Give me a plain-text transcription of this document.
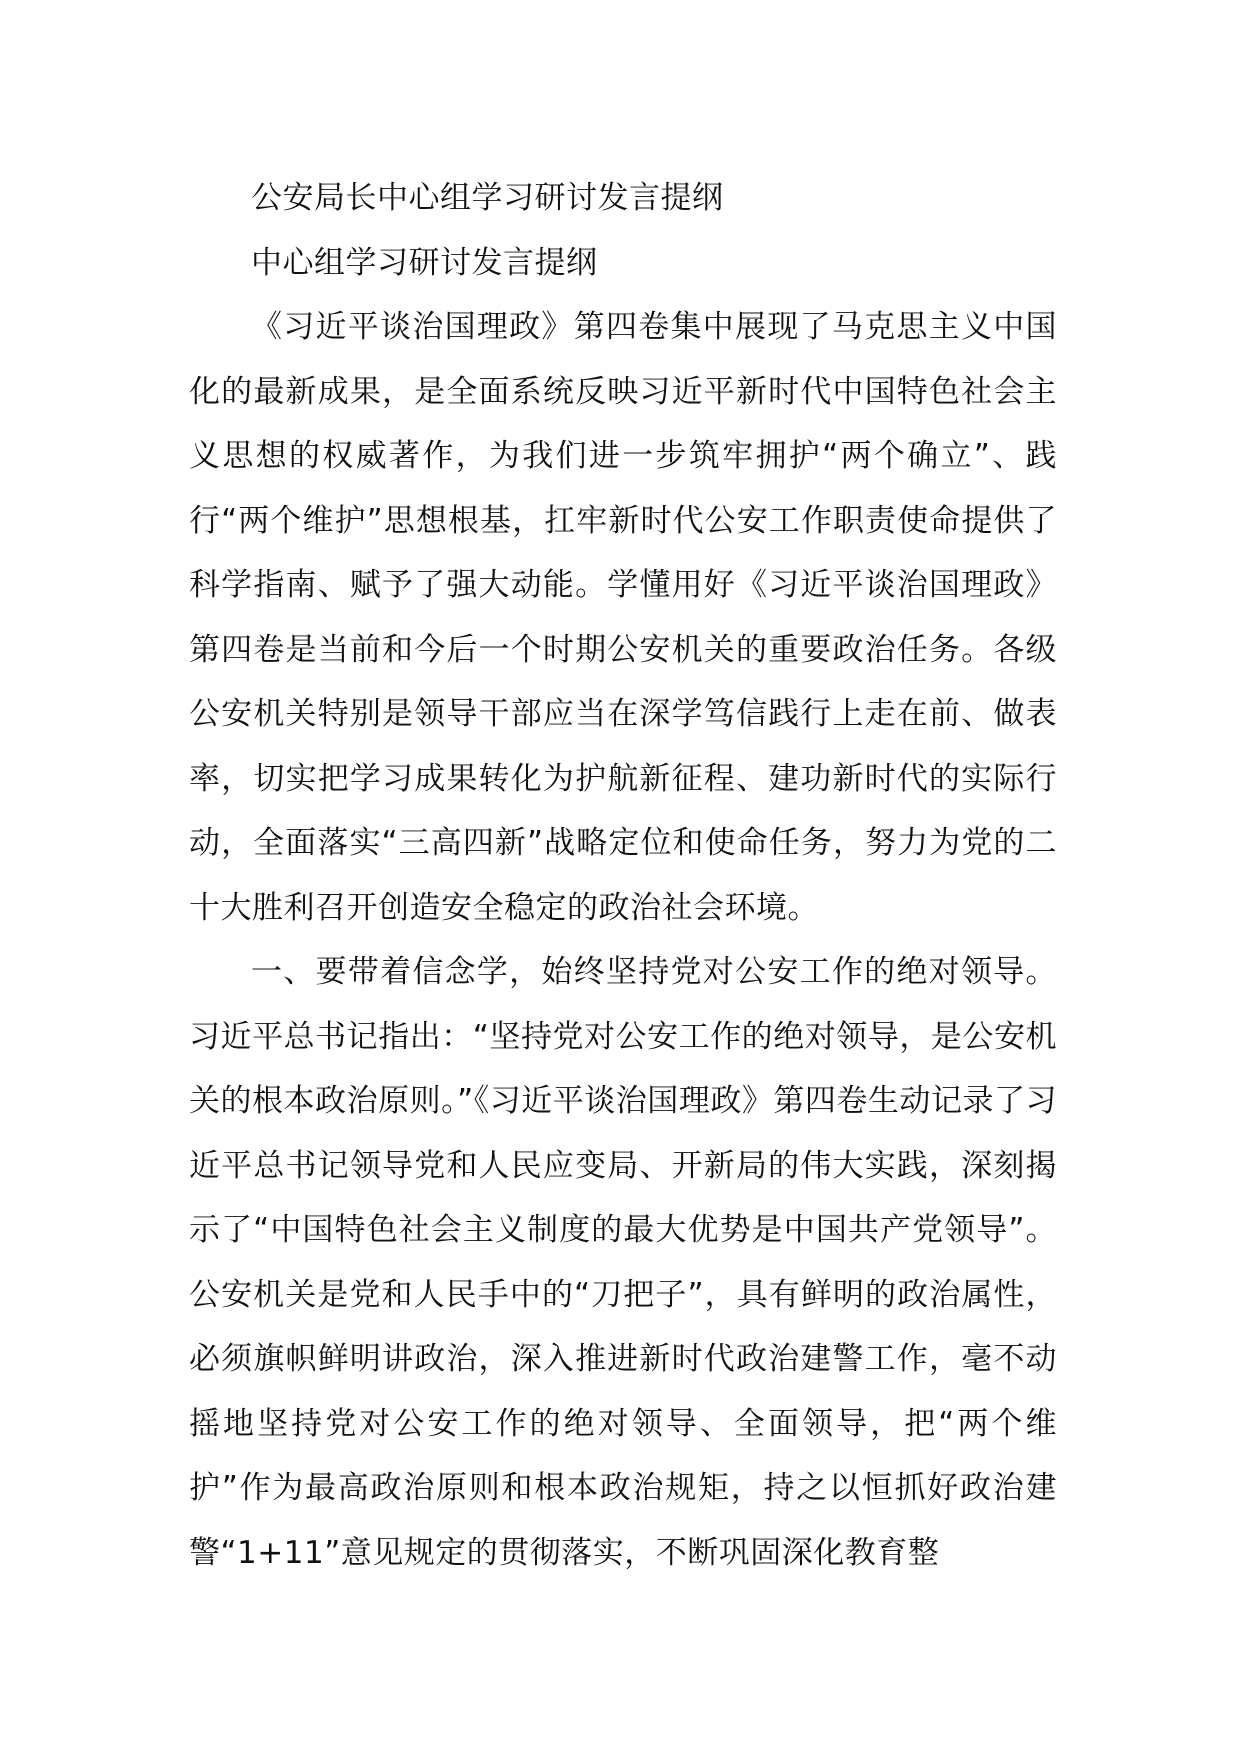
公安局长中心组学习研讨发言提纲

中心组学习研讨发言提纲

《习近平谈治国理政》第四卷集中展现了马克思主义中国化的最新成果，是全面系统反映习近平新时代中国特色社会主义思想的权威著作，为我们进一步筑牢拥护“两个确立”、践行“两个维护”思想根基，扛牢新时代公安工作职责使命提供了科学指南、赋予了强大动能。学懂用好《习近平谈治国理政》第四卷是当前和今后一个时期公安机关的重要政治任务。各级公安机关特别是领导干部应当在深学笃信践行上走在前、做表率，切实把学习成果转化为护航新征程、建功新时代的实际行动，全面落实“三高四新”战略定位和使命任务，努力为党的二十大胜利召开创造安全稳定的政治社会环境。

一、要带着信念学，始终坚持党对公安工作的绝对领导。习近平总书记指出：“坚持党对公安工作的绝对领导，是公安机关的根本政治原则。”《习近平谈治国理政》第四卷生动记录了习近平总书记领导党和人民应变局、开新局的伟大实践，深刻揭示了“中国特色社会主义制度的最大优势是中国共产党领导”。公安机关是党和人民手中的“刀把子”，具有鲜明的政治属性，必须旗帜鲜明讲政治，深入推进新时代政治建警工作，毫不动摇地坚持党对公安工作的绝对领导、全面领导，把“两个维护”作为最高政治原则和根本政治规矩，持之以恒抓好政治建警“1+11”意见规定的贯彻落实，不断巩固深化教育整
